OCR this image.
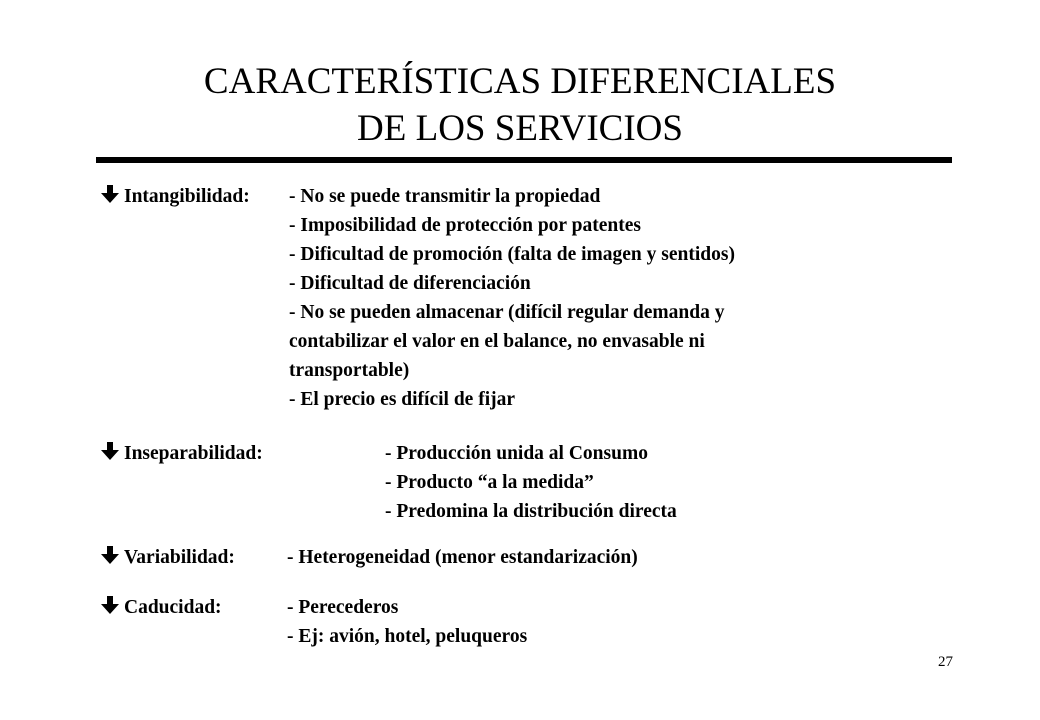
CARACTERÍSTICAS DIFERENCIALES
DE LOS SERVICIOS
Intangibilidad: - No se puede transmitir la propiedad
- Imposibilidad de protección por patentes
- Dificultad de promoción (falta de imagen y sentidos)
- Dificultad de diferenciación
- No se pueden almacenar (difícil regular demanda y
contabilizar el valor en el balance, no envasable ni
transportable)
- El precio es difícil de fijar
Inseparabilidad:	- Producción unida al Consumo
- Producto “a la medida”
- Predomina la distribución directa
Variabilidad:	- Heterogeneidad (menor estandarización)
Caducidad:	- Perecederos
- Ej: avión, hotel, peluqueros
27
